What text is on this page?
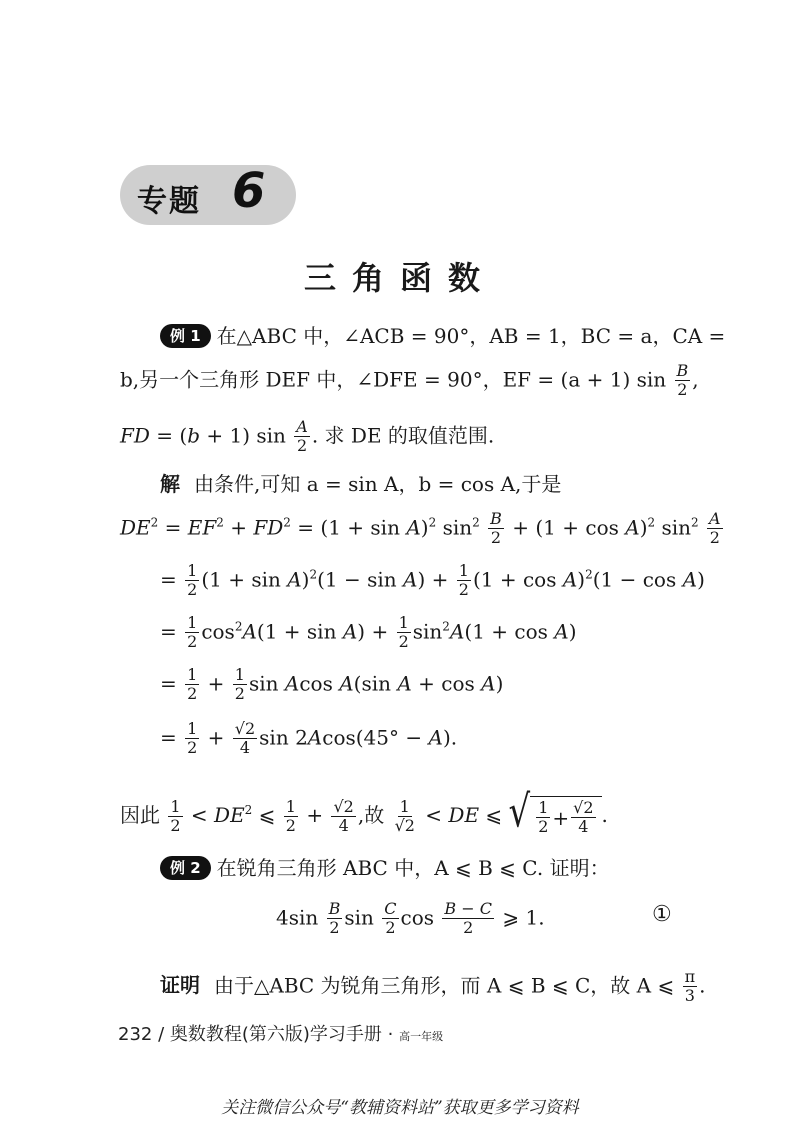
专题 6
三角函数
例 1 在△ABC 中，∠ACB = 90°，AB = 1，BC = a，CA =
b,另一个三角形 DEF 中，∠DFE = 90°，EF = (a + 1) $\sin \frac{B}{2}$ ,
FD = (b + 1) $\sin \frac{A}{2}$ . 求 DE 的取值范围.
解 由条件,可知 a = sin A，b = cos A,于是
$DE^2 = EF^2 + FD^2 = (1 + \sin A)^2$ $\sin^2 \frac{B}{2} + (1 + \cos A)^2$ $\sin^2 \frac{A}{2}$
= $\frac{1}{2} (1 + \sin A)^2(1 - \sin A) + \frac{1}{2} (1 + \cos A)^2(1 - \cos A)$
= $\frac{1}{2} \cos^2A(1 + \sin A) + \frac{1}{2} \sin^2A(1 + \cos A)$
= $\frac{1}{2} + \frac{1}{2}$ sin Acos A(sin A + cos A)
= $\frac{1}{2} + \frac{√2}{4}$ sin 2Acos(45° − A).
因此 $\frac{1}{2} < DE^2$ ⩽ $\frac{1}{2} + \frac{√2}{4}$ ,故 $\frac{1}{√2}$ < DE ⩽ √ $\frac{1}{2} + \frac{√2}{4}$ .
例 2 在锐角三角形 ABC 中，A ⩽ B ⩽ C. 证明：
$4\sin \frac{B}{2}$ $\sin \frac{C}{2}$ $\cos \frac{B - C}{2}$ ⩾ 1.	①
证明 由于△ABC 为锐角三角形，而 A ⩽ B ⩽ C，故 A ⩽ $\frac{\pi}{3}$ .
232 / 奥数教程(第六版)学习手册 · 高一年级
关注微信公众号“教辅资料站”获取更多学习资料
